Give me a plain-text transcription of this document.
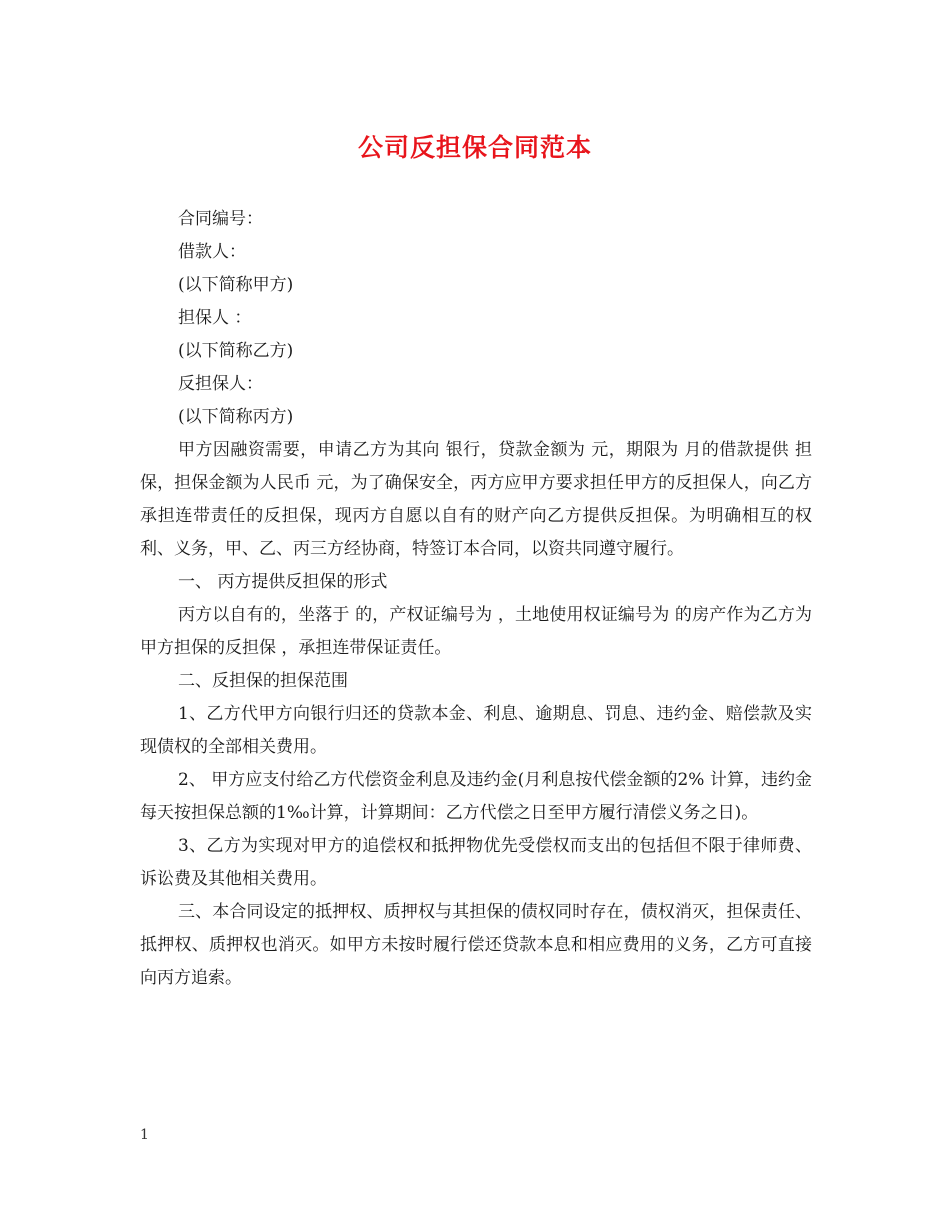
公司反担保合同范本

合同编号：

借款人：

(以下简称甲方)

担保人 ：

(以下简称乙方)

反担保人：

(以下简称丙方)

甲方因融资需要，申请乙方为其向 银行，贷款金额为 元，期限为 月的借款提供 担保，担保金额为人民币 元，为了确保安全，丙方应甲方要求担任甲方的反担保人，向乙方承担连带责任的反担保，现丙方自愿以自有的财产向乙方提供反担保。为明确相互的权利、义务，甲、乙、丙三方经协商，特签订本合同，以资共同遵守履行。

一、 丙方提供反担保的形式

丙方以自有的，坐落于 的，产权证编号为 ，土地使用权证编号为 的房产作为乙方为甲方担保的反担保 ，承担连带保证责任。

二、反担保的担保范围

1、乙方代甲方向银行归还的贷款本金、利息、逾期息、罚息、违约金、赔偿款及实现债权的全部相关费用。

2、 甲方应支付给乙方代偿资金利息及违约金(月利息按代偿金额的2% 计算，违约金每天按担保总额的1‰计算，计算期间：乙方代偿之日至甲方履行清偿义务之日)。

3、乙方为实现对甲方的追偿权和抵押物优先受偿权而支出的包括但不限于律师费、诉讼费及其他相关费用。

三、本合同设定的抵押权、质押权与其担保的债权同时存在，债权消灭，担保责任、抵押权、质押权也消灭。如甲方未按时履行偿还贷款本息和相应费用的义务，乙方可直接向丙方追索。

1
